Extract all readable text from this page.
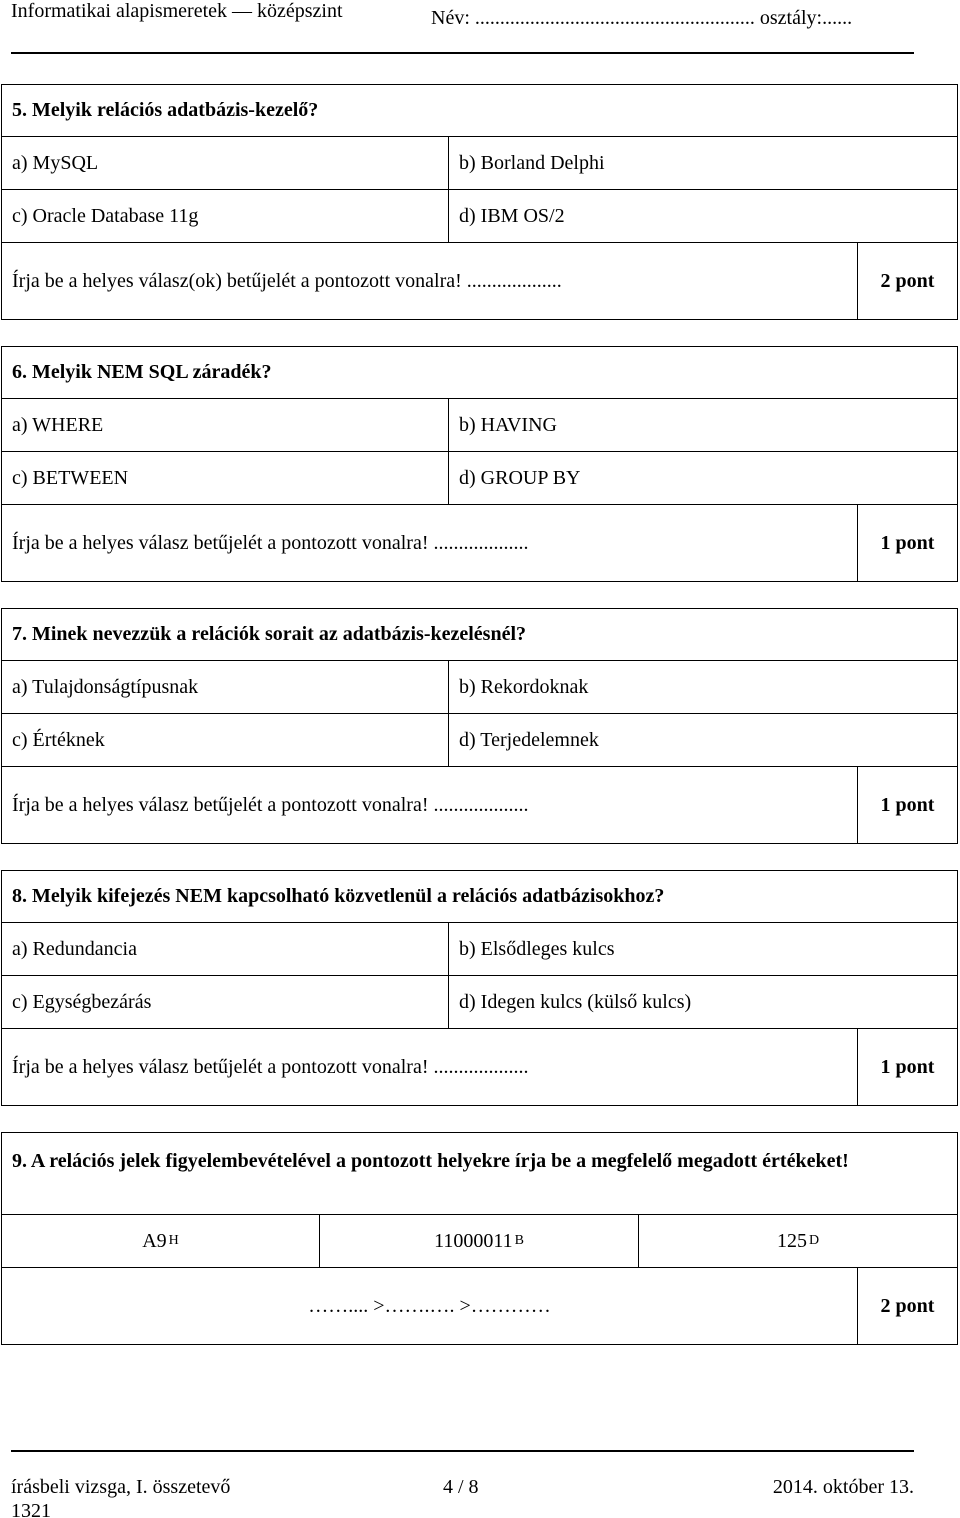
Informatikai alapismeretek — középszint	Név: ........................................................ osztály:......
5. Melyik relációs adatbázis-kezelő?
a) MySQL	b) Borland Delphi
c) Oracle Database 11g	d) IBM OS/2
Írja be a helyes válasz(ok) betűjelét a pontozott vonalra! ...................	2 pont
6. Melyik NEM SQL záradék?
a) WHERE	b) HAVING
c) BETWEEN	d) GROUP BY
Írja be a helyes válasz betűjelét a pontozott vonalra! ...................	1 pont
7. Minek nevezzük a relációk sorait az adatbázis-kezelésnél?
a) Tulajdonságtípusnak	b) Rekordoknak
c) Értéknek	d) Terjedelemnek
Írja be a helyes válasz betűjelét a pontozott vonalra! ...................	1 pont
8. Melyik kifejezés NEM kapcsolható közvetlenül a relációs adatbázisokhoz?
a) Redundancia	b) Elsődleges kulcs
c) Egységbezárás	d) Idegen kulcs (külső kulcs)
Írja be a helyes válasz betűjelét a pontozott vonalra! ...................	1 pont
9. A relációs jelek figyelembevételével a pontozott helyekre írja be a megfelelő megadott értékeket!
A9 H	11000011 B	125 D
…….... >…….…. >…………	2 pont
írásbeli vizsga, I. összetevő	4 / 8	2014. október 13.
1321
